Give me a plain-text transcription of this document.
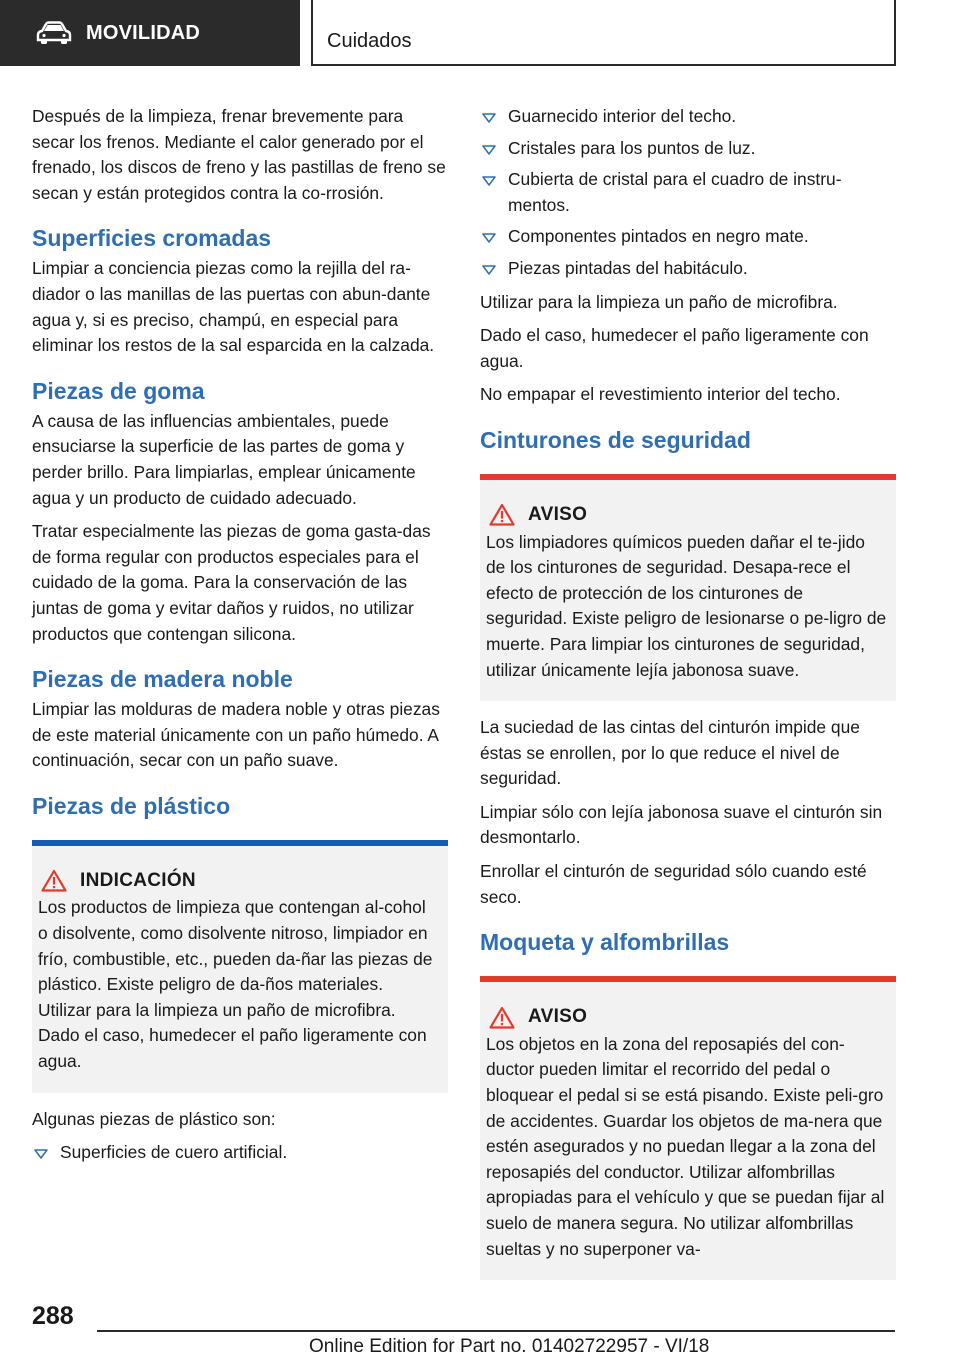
MOVILIDAD	Cuidados

Después de la limpieza, frenar brevemente para secar los frenos. Mediante el calor generado por el frenado, los discos de freno y las pastillas de freno se secan y están protegidos contra la co-rrosión.

Superficies cromadas

Limpiar a conciencia piezas como la rejilla del ra-diador o las manillas de las puertas con abun-dante agua y, si es preciso, champú, en especial para eliminar los restos de la sal esparcida en la calzada.

Piezas de goma

A causa de las influencias ambientales, puede ensuciarse la superficie de las partes de goma y perder brillo. Para limpiarlas, emplear únicamente agua y un producto de cuidado adecuado.

Tratar especialmente las piezas de goma gasta-das de forma regular con productos especiales para el cuidado de la goma. Para la conservación de las juntas de goma y evitar daños y ruidos, no utilizar productos que contengan silicona.

Piezas de madera noble

Limpiar las molduras de madera noble y otras piezas de este material únicamente con un paño húmedo. A continuación, secar con un paño suave.

Piezas de plástico
INDICACIÓN

Los productos de limpieza que contengan al-cohol o disolvente, como disolvente nitroso, limpiador en frío, combustible, etc., pueden da-ñar las piezas de plástico. Existe peligro de da-ños materiales. Utilizar para la limpieza un paño de microfibra. Dado el caso, humedecer el paño ligeramente con agua.

Algunas piezas de plástico son:

Superficies de cuero artificial.
Guarnecido interior del techo.
Cristales para los puntos de luz.
Cubierta de cristal para el cuadro de instru-mentos.
Componentes pintados en negro mate.
Piezas pintadas del habitáculo.

Utilizar para la limpieza un paño de microfibra.

Dado el caso, humedecer el paño ligeramente con agua.

No empapar el revestimiento interior del techo.

Cinturones de seguridad
AVISO

Los limpiadores químicos pueden dañar el te-jido de los cinturones de seguridad. Desapa-rece el efecto de protección de los cinturones de seguridad. Existe peligro de lesionarse o pe-ligro de muerte. Para limpiar los cinturones de seguridad, utilizar únicamente lejía jabonosa suave.

La suciedad de las cintas del cinturón impide que éstas se enrollen, por lo que reduce el nivel de seguridad.

Limpiar sólo con lejía jabonosa suave el cinturón sin desmontarlo.

Enrollar el cinturón de seguridad sólo cuando esté seco.

Moqueta y alfombrillas
AVISO

Los objetos en la zona del reposapiés del con-ductor pueden limitar el recorrido del pedal o bloquear el pedal si se está pisando. Existe peli-gro de accidentes. Guardar los objetos de ma-nera que estén asegurados y no puedan llegar a la zona del reposapiés del conductor. Utilizar alfombrillas apropiadas para el vehículo y que se puedan fijar al suelo de manera segura. No utilizar alfombrillas sueltas y no superponer va-

288
Online Edition for Part no. 01402722957 - VI/18
